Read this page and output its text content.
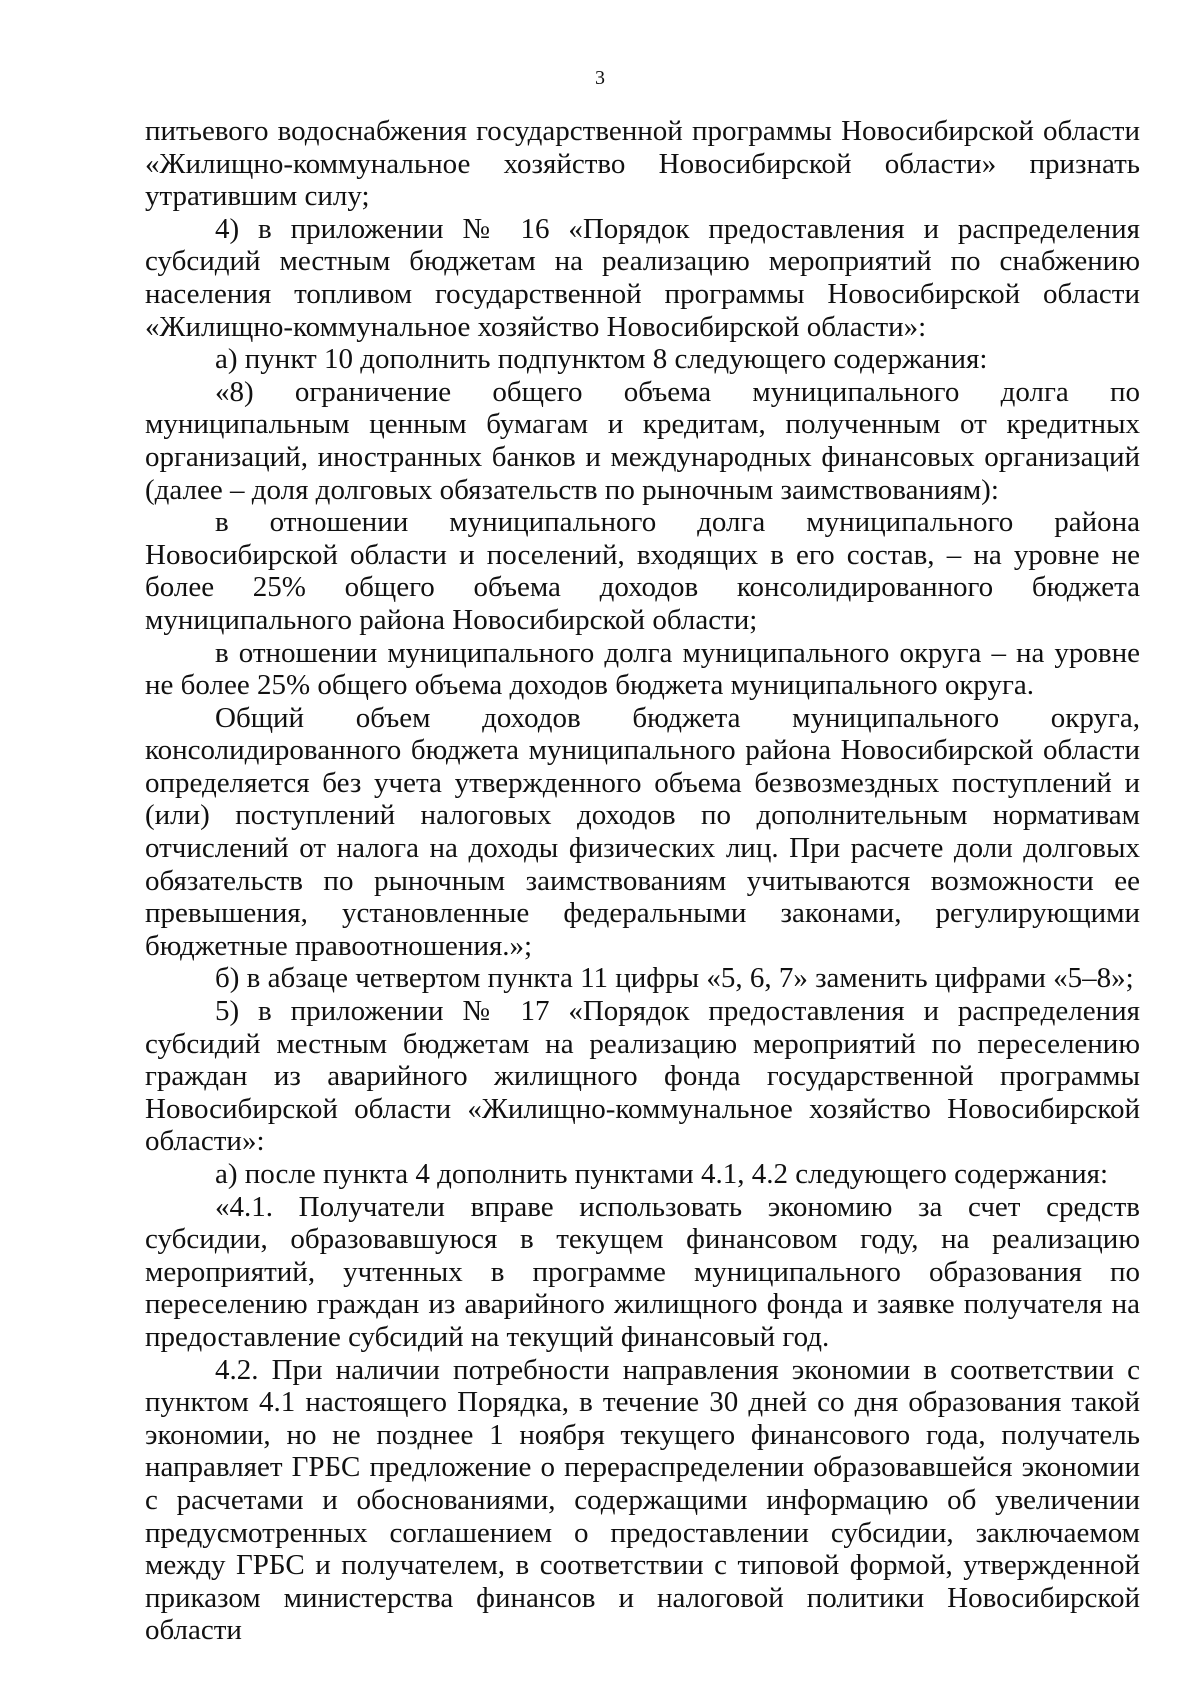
3

питьевого водоснабжения государственной программы Новосибирской области «Жилищно-коммунальное хозяйство Новосибирской области» признать утратившим силу;

4) в приложении № 16 «Порядок предоставления и распределения субсидий местным бюджетам на реализацию мероприятий по снабжению населения топливом государственной программы Новосибирской области «Жилищно-коммунальное хозяйство Новосибирской области»:

а) пункт 10 дополнить подпунктом 8 следующего содержания:

«8) ограничение общего объема муниципального долга по муниципальным ценным бумагам и кредитам, полученным от кредитных организаций, иностранных банков и международных финансовых организаций (далее – доля долговых обязательств по рыночным заимствованиям):

в отношении муниципального долга муниципального района Новосибирской области и поселений, входящих в его состав, – на уровне не более 25% общего объема доходов консолидированного бюджета муниципального района Новосибирской области;

в отношении муниципального долга муниципального округа – на уровне не более 25% общего объема доходов бюджета муниципального округа.

Общий объем доходов бюджета муниципального округа, консолидированного бюджета муниципального района Новосибирской области определяется без учета утвержденного объема безвозмездных поступлений и (или) поступлений налоговых доходов по дополнительным нормативам отчислений от налога на доходы физических лиц. При расчете доли долговых обязательств по рыночным заимствованиям учитываются возможности ее превышения, установленные федеральными законами, регулирующими бюджетные правоотношения.»;

б) в абзаце четвертом пункта 11 цифры «5, 6, 7» заменить цифрами «5–8»;

5) в приложении № 17 «Порядок предоставления и распределения субсидий местным бюджетам на реализацию мероприятий по переселению граждан из аварийного жилищного фонда государственной программы Новосибирской области «Жилищно-коммунальное хозяйство Новосибирской области»:

а) после пункта 4 дополнить пунктами 4.1, 4.2 следующего содержания:

«4.1. Получатели вправе использовать экономию за счет средств субсидии, образовавшуюся в текущем финансовом году, на реализацию мероприятий, учтенных в программе муниципального образования по переселению граждан из аварийного жилищного фонда и заявке получателя на предоставление субсидий на текущий финансовый год.

4.2. При наличии потребности направления экономии в соответствии с пунктом 4.1 настоящего Порядка, в течение 30 дней со дня образования такой экономии, но не позднее 1 ноября текущего финансового года, получатель направляет ГРБС предложение о перераспределении образовавшейся экономии с расчетами и обоснованиями, содержащими информацию об увеличении предусмотренных соглашением о предоставлении субсидии, заключаемом между ГРБС и получателем, в соответствии с типовой формой, утвержденной приказом министерства финансов и налоговой политики Новосибирской области
